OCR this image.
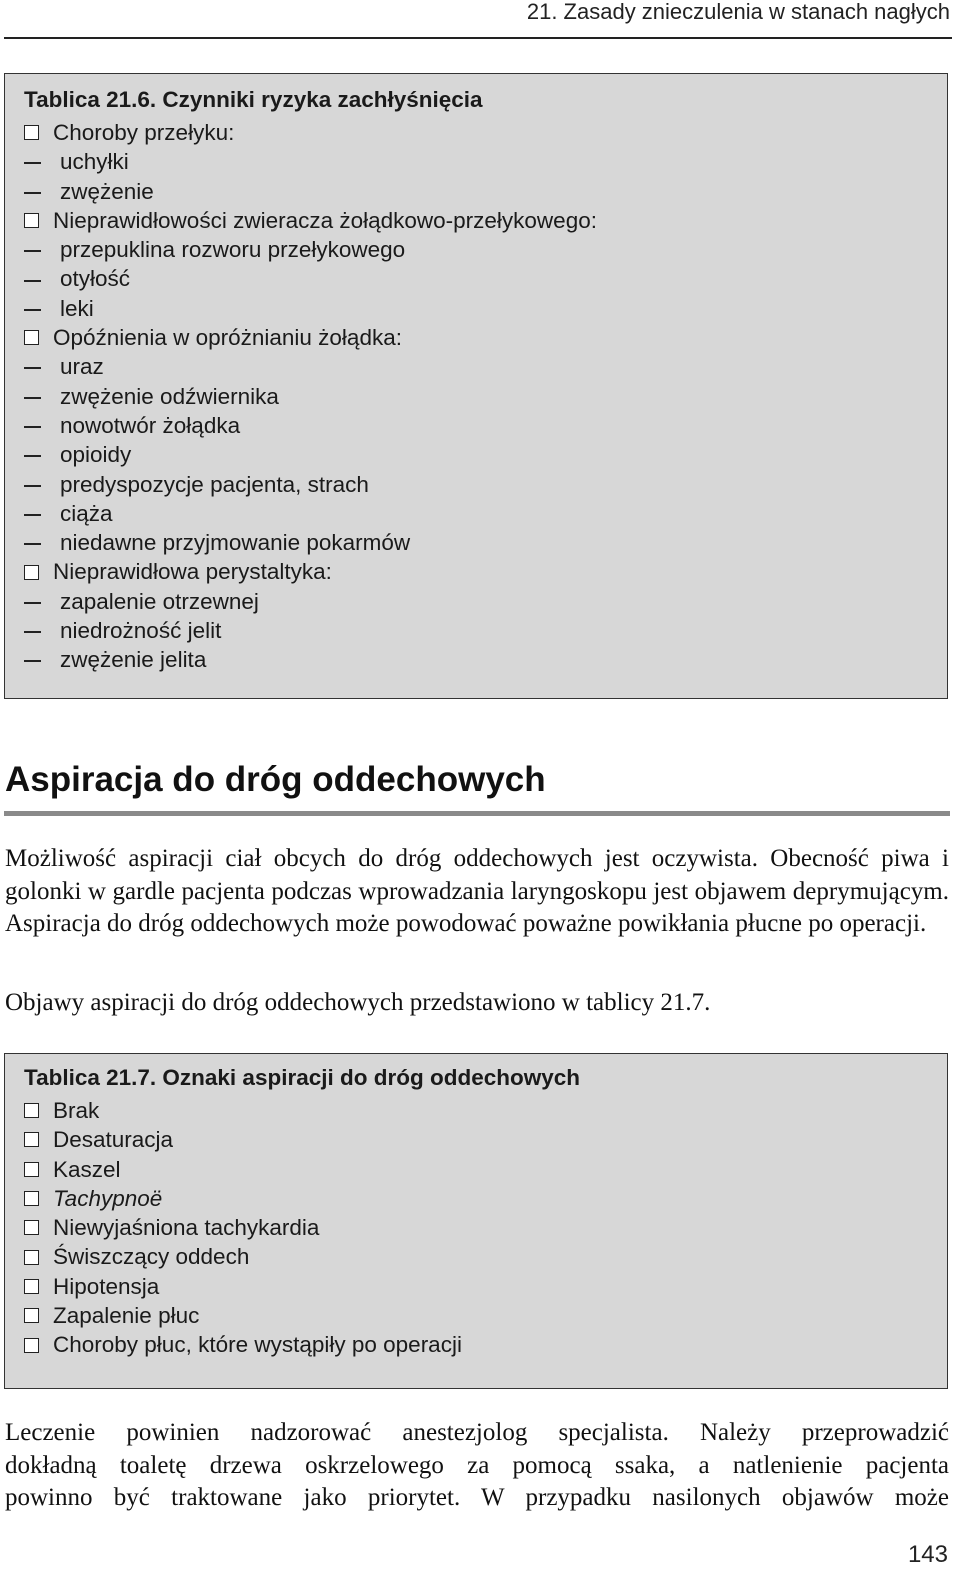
21. Zasady znieczulenia w stanach nagłych
Tablica 21.6. Czynniki ryzyka zachłyśnięcia
Choroby przełyku:
uchyłki
zwężenie
Nieprawidłowości zwieracza żołądkowo-przełykowego:
przepuklina rozworu przełykowego
otyłość
leki
Opóźnienia w opróżnianiu żołądka:
uraz
zwężenie odźwiernika
nowotwór żołądka
opioidy
predyspozycje pacjenta, strach
ciąża
niedawne przyjmowanie pokarmów
Nieprawidłowa perystaltyka:
zapalenie otrzewnej
niedrożność jelit
zwężenie jelita
Aspiracja do dróg oddechowych

Możliwość aspiracji ciał obcych do dróg oddechowych jest oczywista. Obecność piwa i golonki w gardle pacjenta podczas wprowadzania laryngoskopu jest objawem deprymującym. Aspiracja do dróg oddechowych może powodować poważne powikłania płucne po operacji.

Objawy aspiracji do dróg oddechowych przedstawiono w tablicy 21.7.

Tablica 21.7. Oznaki aspiracji do dróg oddechowych
Brak
Desaturacja
Kaszel
Tachypnoë
Niewyjaśniona tachykardia
Świszczący oddech
Hipotensja
Zapalenie płuc
Choroby płuc, które wystąpiły po operacji

Leczenie powinien nadzorować anestezjolog specjalista. Należy przeprowadzić
dokładną toaletę drzewa oskrzelowego za pomocą ssaka, a natlenienie pacjenta
powinno być traktowane jako priorytet. W przypadku nasilonych objawów może

143
